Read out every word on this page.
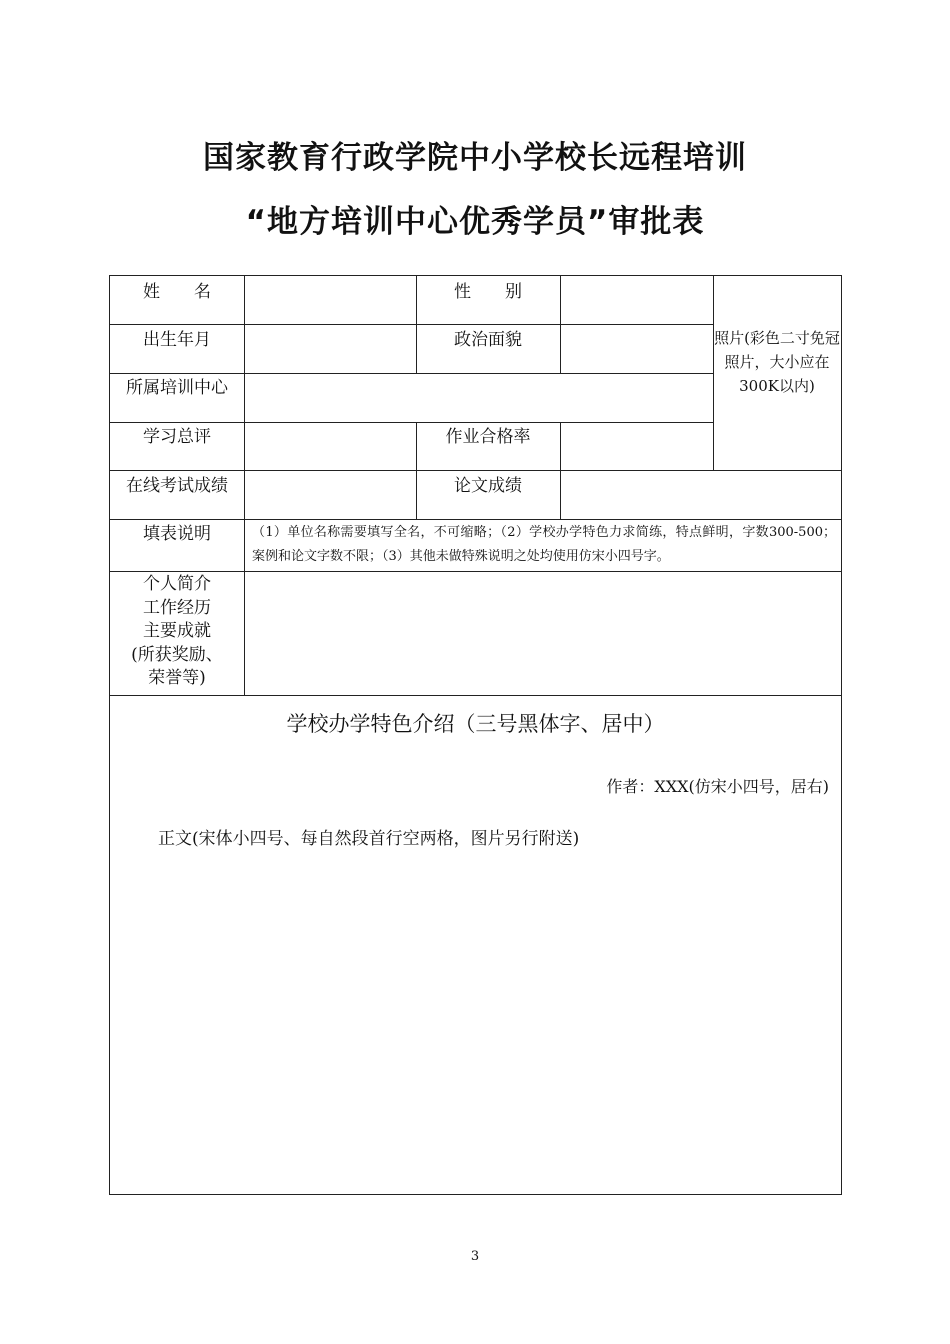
国家教育行政学院中小学校长远程培训
“地方培训中心优秀学员”审批表
姓　　名	性　　别
出生年月	政治面貌
所属培训中心
学习总评	作业合格率
在线考试成绩	论文成绩
照片(彩色二寸免冠照片，大小应在300K以内)
填表说明	（1）单位名称需要填写全名，不可缩略；（2）学校办学特色力求简练，特点鲜明，字数300-500；案例和论文字数不限；（3）其他未做特殊说明之处均使用仿宋小四号字。
个人简介
工作经历
主要成就
(所获奖励、
荣誉等)
学校办学特色介绍（三号黑体字、居中）
作者：XXX(仿宋小四号，居右)
正文(宋体小四号、每自然段首行空两格，图片另行附送)
3
